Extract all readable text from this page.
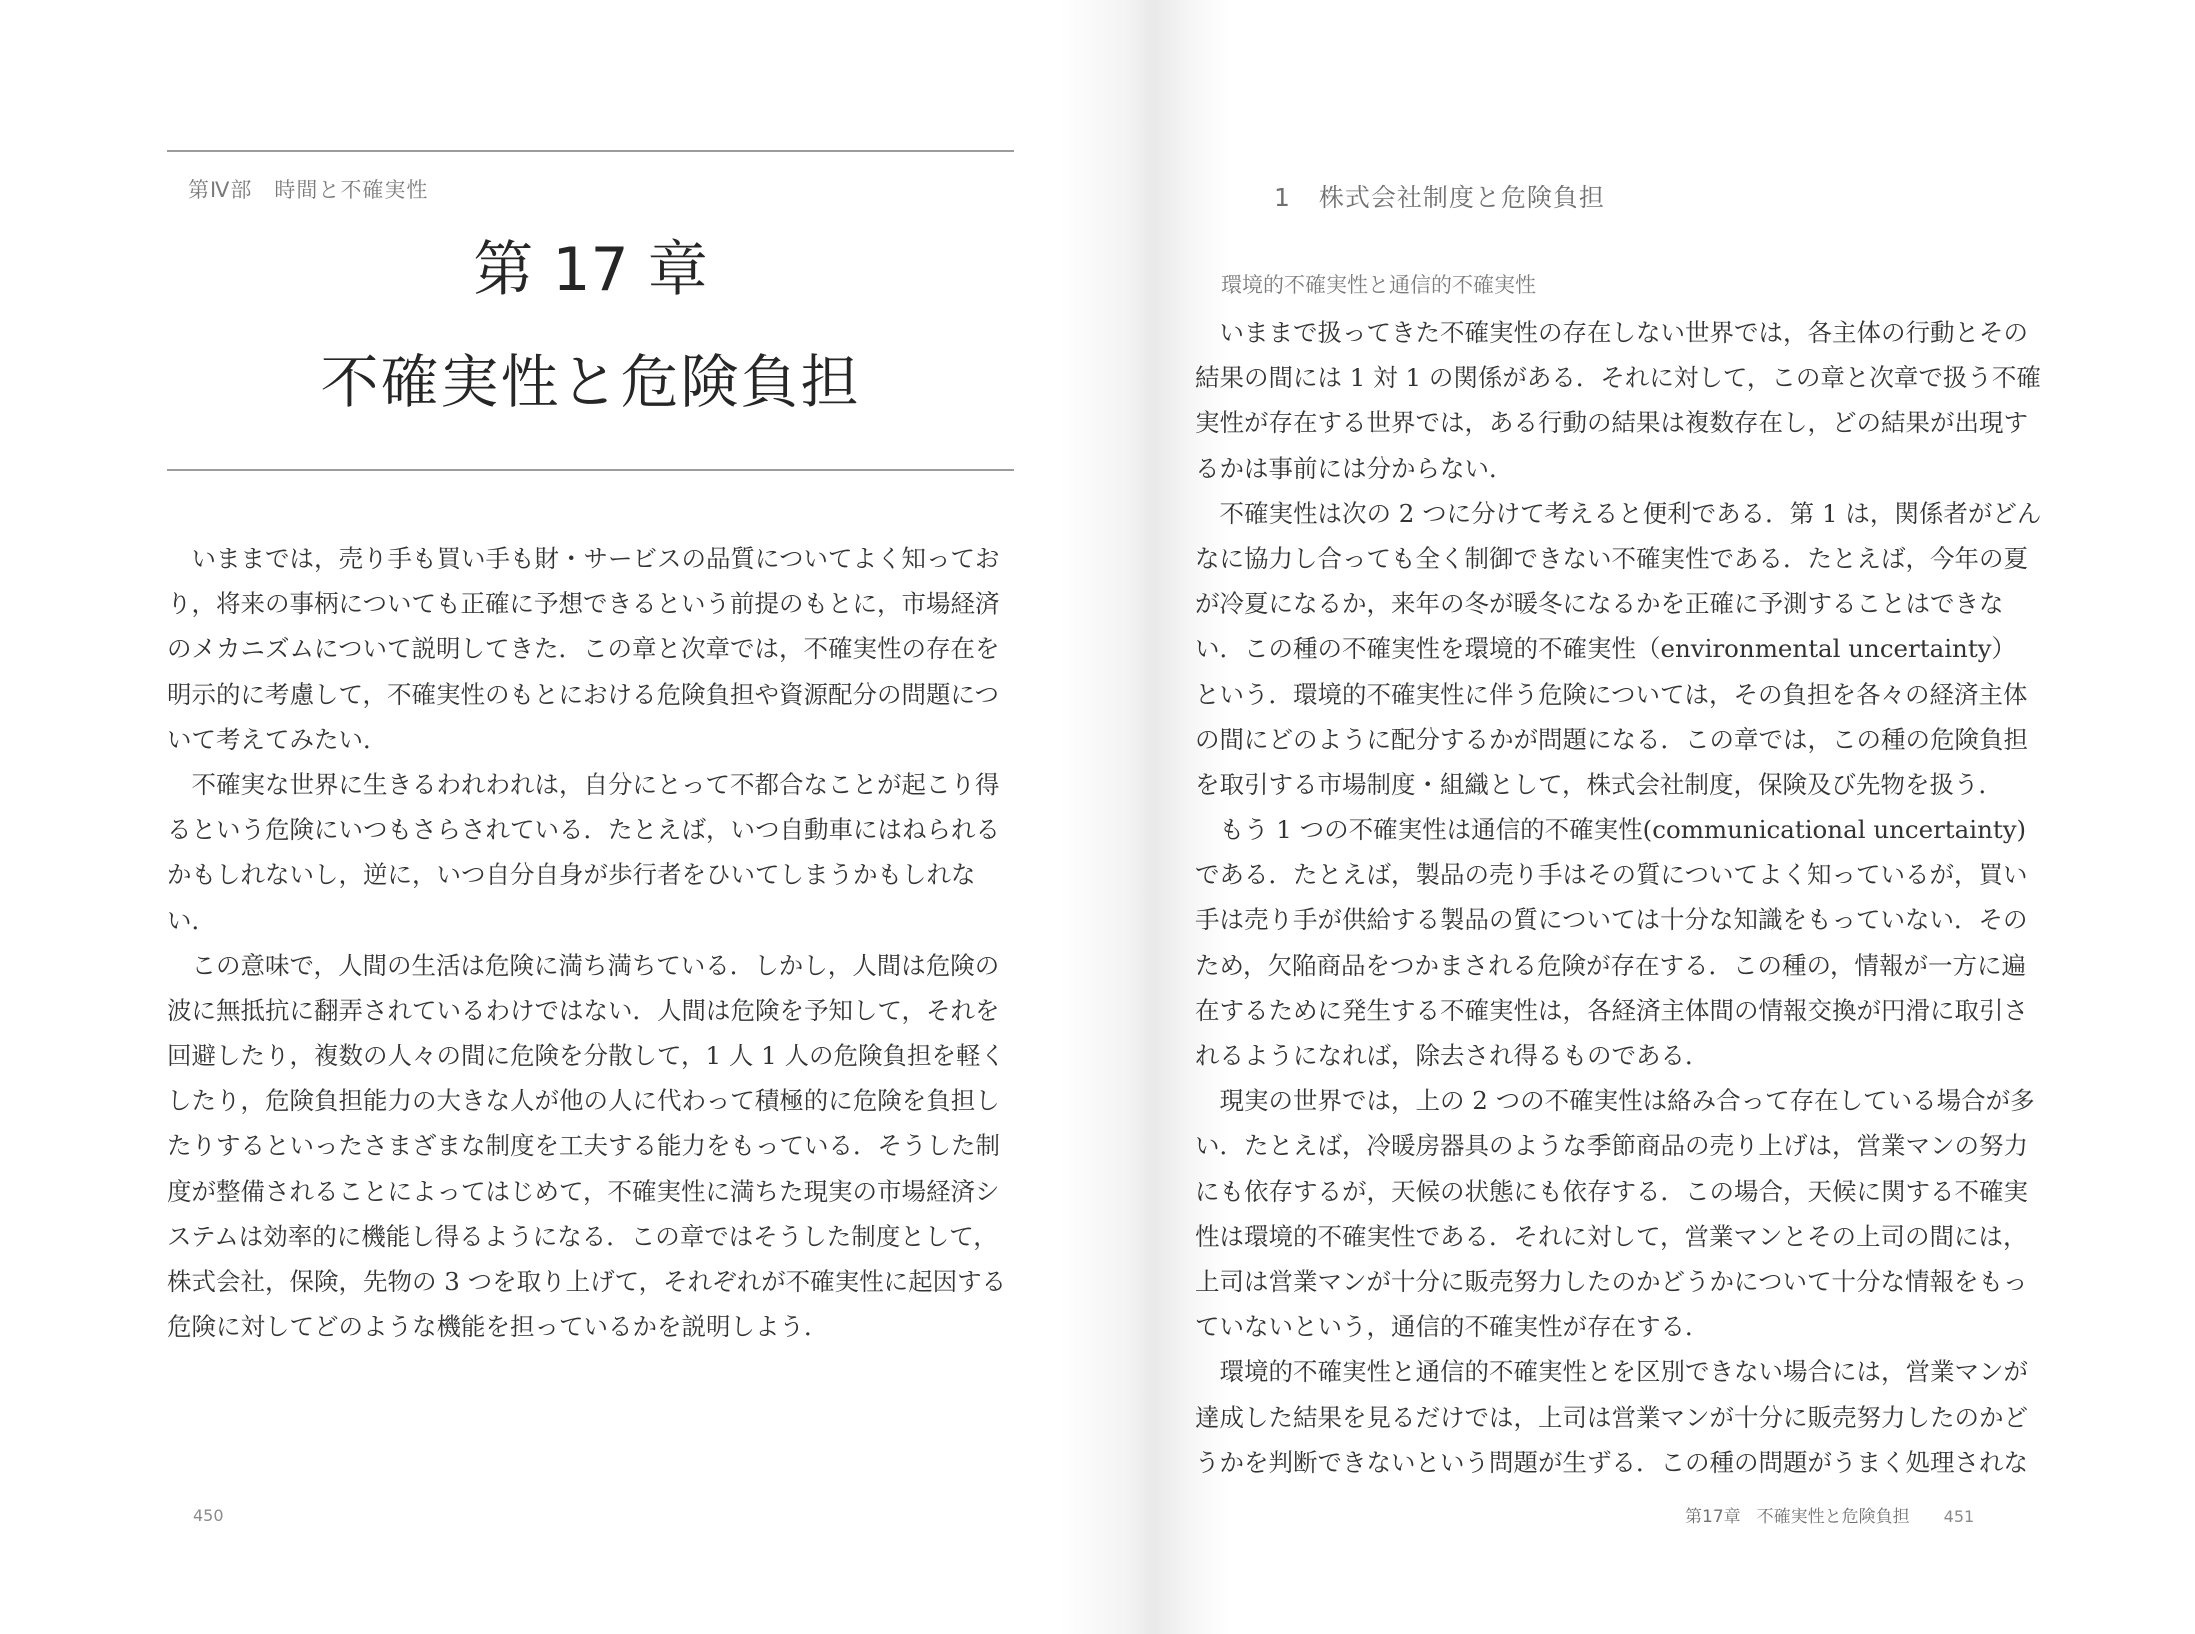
第Ⅳ部　時間と不確実性
第 17 章
不確実性と危険負担
　いままでは，売り手も買い手も財・サービスの品質についてよく知ってお
り，将来の事柄についても正確に予想できるという前提のもとに，市場経済
のメカニズムについて説明してきた．この章と次章では，不確実性の存在を
明示的に考慮して，不確実性のもとにおける危険負担や資源配分の問題につ
いて考えてみたい．
　不確実な世界に生きるわれわれは，自分にとって不都合なことが起こり得
るという危険にいつもさらされている．たとえば，いつ自動車にはねられる
かもしれないし，逆に，いつ自分自身が歩行者をひいてしまうかもしれな
い．
　この意味で，人間の生活は危険に満ち満ちている．しかし，人間は危険の
波に無抵抗に翻弄されているわけではない．人間は危険を予知して，それを
回避したり，複数の人々の間に危険を分散して，1 人 1 人の危険負担を軽く
したり，危険負担能力の大きな人が他の人に代わって積極的に危険を負担し
たりするといったさまざまな制度を工夫する能力をもっている．そうした制
度が整備されることによってはじめて，不確実性に満ちた現実の市場経済シ
ステムは効率的に機能し得るようになる．この章ではそうした制度として，
株式会社，保険，先物の 3 つを取り上げて，それぞれが不確実性に起因する
危険に対してどのような機能を担っているかを説明しよう．
450
1 株式会社制度と危険負担
環境的不確実性と通信的不確実性
　いままで扱ってきた不確実性の存在しない世界では，各主体の行動とその
結果の間には 1 対 1 の関係がある．それに対して，この章と次章で扱う不確
実性が存在する世界では，ある行動の結果は複数存在し，どの結果が出現す
るかは事前には分からない．
　不確実性は次の 2 つに分けて考えると便利である．第 1 は，関係者がどん
なに協力し合っても全く制御できない不確実性である．たとえば，今年の夏
が冷夏になるか，来年の冬が暖冬になるかを正確に予測することはできな
い．この種の不確実性を環境的不確実性（environmental uncertainty）
という．環境的不確実性に伴う危険については，その負担を各々の経済主体
の間にどのように配分するかが問題になる．この章では，この種の危険負担
を取引する市場制度・組織として，株式会社制度，保険及び先物を扱う．
　もう 1 つの不確実性は通信的不確実性(communicational uncertainty)
である．たとえば，製品の売り手はその質についてよく知っているが，買い
手は売り手が供給する製品の質については十分な知識をもっていない．その
ため，欠陥商品をつかまされる危険が存在する．この種の，情報が一方に遍
在するために発生する不確実性は，各経済主体間の情報交換が円滑に取引さ
れるようになれば，除去され得るものである．
　現実の世界では，上の 2 つの不確実性は絡み合って存在している場合が多
い．たとえば，冷暖房器具のような季節商品の売り上げは，営業マンの努力
にも依存するが，天候の状態にも依存する．この場合，天候に関する不確実
性は環境的不確実性である．それに対して，営業マンとその上司の間には，
上司は営業マンが十分に販売努力したのかどうかについて十分な情報をもっ
ていないという，通信的不確実性が存在する．
　環境的不確実性と通信的不確実性とを区別できない場合には，営業マンが
達成した結果を見るだけでは，上司は営業マンが十分に販売努力したのかど
うかを判断できないという問題が生ずる．この種の問題がうまく処理されな
第17章 不確実性と危険負担 451
